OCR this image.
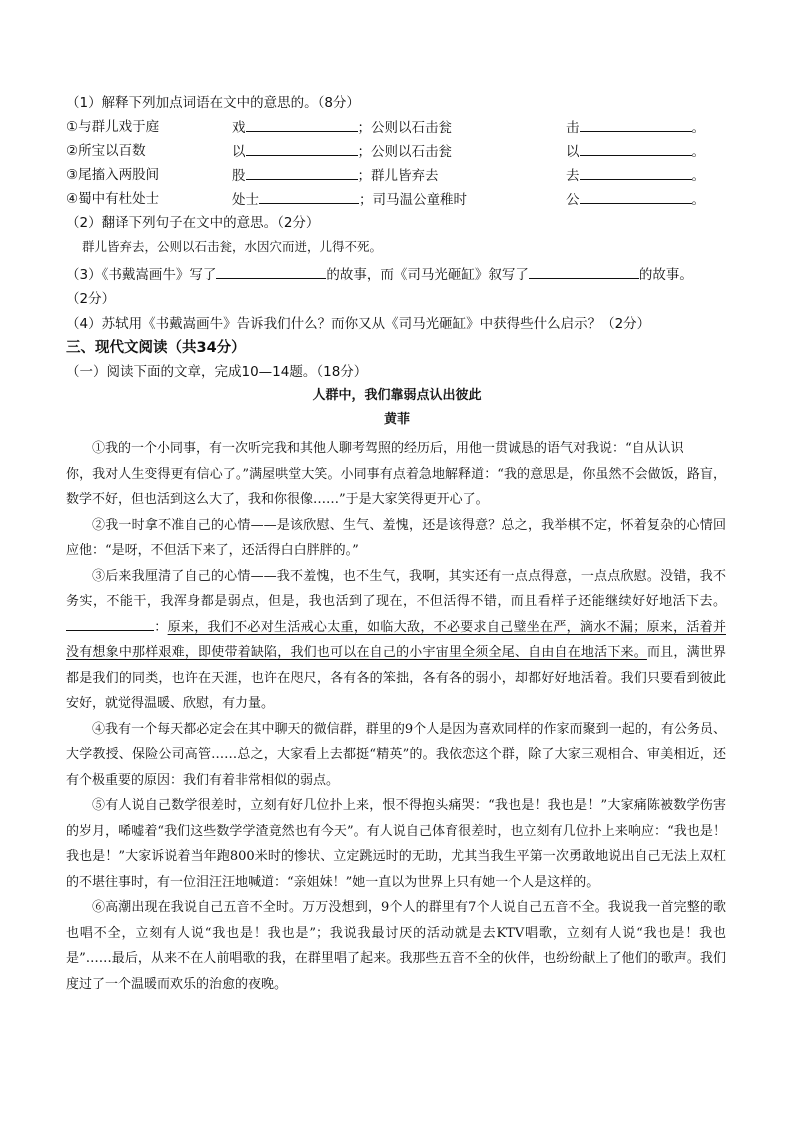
（1）解释下列加点词语在文中的意思的。（8分）
①与群儿戏于庭	戏	；公则以石击瓮	击	。
②所宝以百数	以	；公则以石击瓮	以	。
③尾搐入两股间	股	；群儿皆弃去	去	。
④蜀中有杜处士	处士	；司马温公童稚时	公	。
（2）翻译下列句子在文中的意思。（2分）
群儿皆弃去，公则以石击瓮，水因穴而迸，儿得不死。
（3）《书戴嵩画牛》写了	的故事，而《司马光砸缸》叙写了	的故事。
（2分）
（4）苏轼用《书戴嵩画牛》告诉我们什么？而你又从《司马光砸缸》中获得些什么启示？（2分）
三、现代文阅读（共34分）
（一）阅读下面的文章，完成10—14题。（18分）
人群中，我们靠弱点认出彼此
黄菲

①我的一个小同事，有一次听完我和其他人聊考驾照的经历后，用他一贯诚恳的语气对我说：“自从认识

你，我对人生变得更有信心了。”满屋哄堂大笑。小同事有点着急地解释道：“我的意思是，你虽然不会做饭，路盲，数学不好，但也活到这么大了，我和你很像……”于是大家笑得更开心了。

②我一时拿不准自己的心情——是该欣慰、生气、羞愧，还是该得意？总之，我举棋不定，怀着复杂的心情回应他：“是呀，不但活下来了，还活得白白胖胖的。”

③后来我厘清了自己的心情——我不羞愧，也不生气，我啊，其实还有一点点得意，一点点欣慰。没错，我不务实，不能干，我浑身都是弱点，但是，我也活到了现在，不但活得不错，而且看样子还能继续好好地活下去。：原来，我们不必对生活戒心太重，如临大敌，不必要求自己璧坐在严，滴水不漏；原来，活着并没有想象中那样艰难，即使带着缺陷，我们也可以在自己的小宇宙里全须全尾、自由自在地活下来。而且，满世界都是我们的同类，也许在天涯，也许在咫尺，各有各的笨拙，各有各的弱小，却都好好地活着。我们只要看到彼此安好，就觉得温暖、欣慰，有力量。

④我有一个每天都必定会在其中聊天的微信群，群里的9个人是因为喜欢同样的作家而聚到一起的，有公务员、大学教授、保险公司高管……总之，大家看上去都挺“精英”的。我依恋这个群，除了大家三观相合、审美相近，还有个极重要的原因：我们有着非常相似的弱点。

⑤有人说自己数学很差时，立刻有好几位扑上来，恨不得抱头痛哭：“我也是！我也是！”大家痛陈被数学伤害的岁月，唏嘘着“我们这些数学学渣竟然也有今天”。有人说自己体育很差时，也立刻有几位扑上来响应：“我也是！我也是！”大家诉说着当年跑800米时的惨状、立定跳远时的无助，尤其当我生平第一次勇敢地说出自己无法上双杠的不堪往事时，有一位泪汪汪地喊道：“亲姐妹！”她一直以为世界上只有她一个人是这样的。

⑥高潮出现在我说自己五音不全时。万万没想到，9个人的群里有7个人说自己五音不全。我说我一首完整的歌也唱不全，立刻有人说“我也是！我也是”；我说我最讨厌的活动就是去KTV唱歌，立刻有人说“我也是！我也是”……最后，从来不在人前唱歌的我，在群里唱了起来。我那些五音不全的伙伴，也纷纷献上了他们的歌声。我们度过了一个温暖而欢乐的治愈的夜晚。
